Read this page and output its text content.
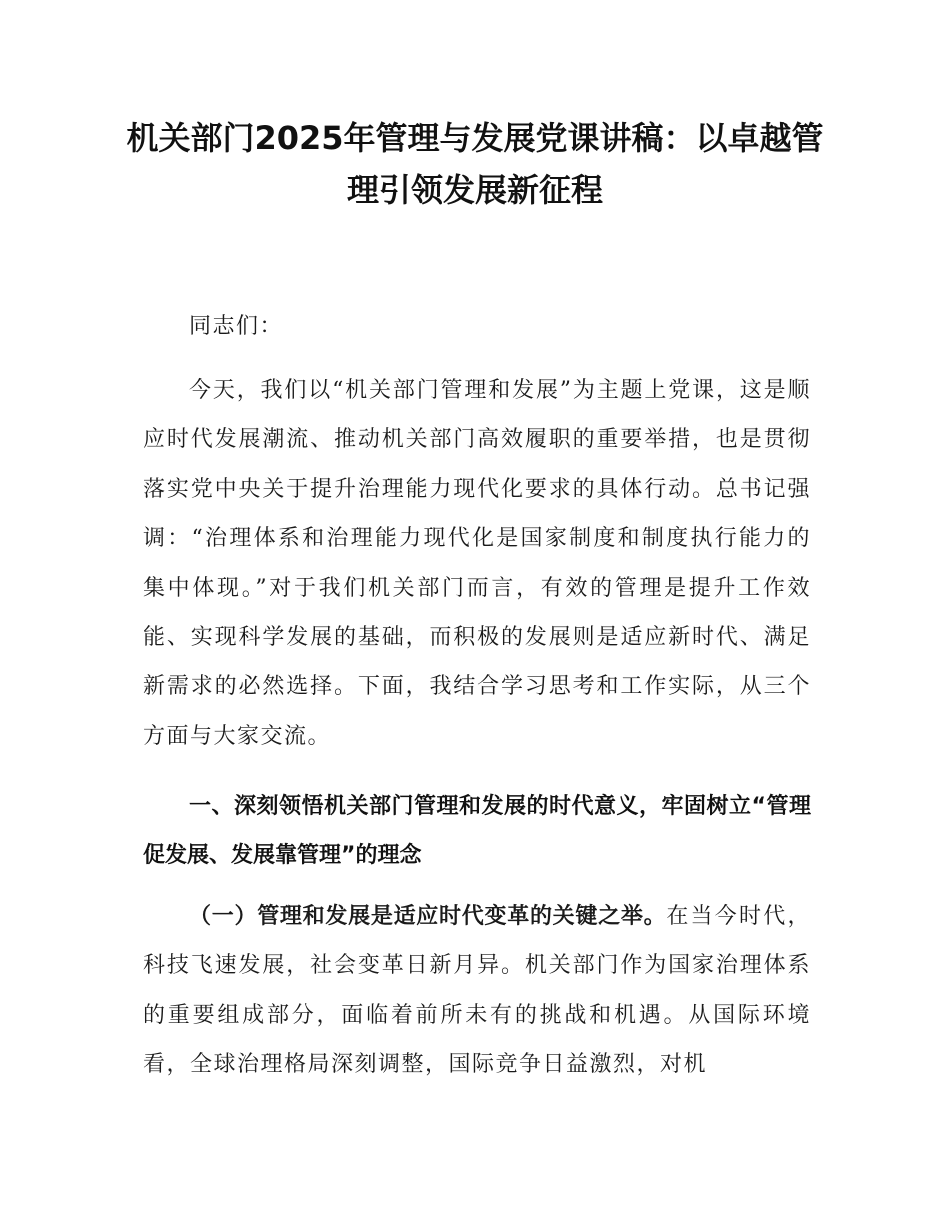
机关部门2025年管理与发展党课讲稿：以卓越管理引领发展新征程
同志们：
今天，我们以“机关部门管理和发展”为主题上党课，这是顺应时代发展潮流、推动机关部门高效履职的重要举措，也是贯彻落实党中央关于提升治理能力现代化要求的具体行动。总书记强调：“治理体系和治理能力现代化是国家制度和制度执行能力的集中体现。”对于我们机关部门而言，有效的管理是提升工作效能、实现科学发展的基础，而积极的发展则是适应新时代、满足新需求的必然选择。下面，我结合学习思考和工作实际，从三个方面与大家交流。
一、深刻领悟机关部门管理和发展的时代意义，牢固树立“管理促发展、发展靠管理”的理念
（一）管理和发展是适应时代变革的关键之举。在当今时代，科技飞速发展，社会变革日新月异。机关部门作为国家治理体系的重要组成部分，面临着前所未有的挑战和机遇。从国际环境看，全球治理格局深刻调整，国际竞争日益激烈，对机
